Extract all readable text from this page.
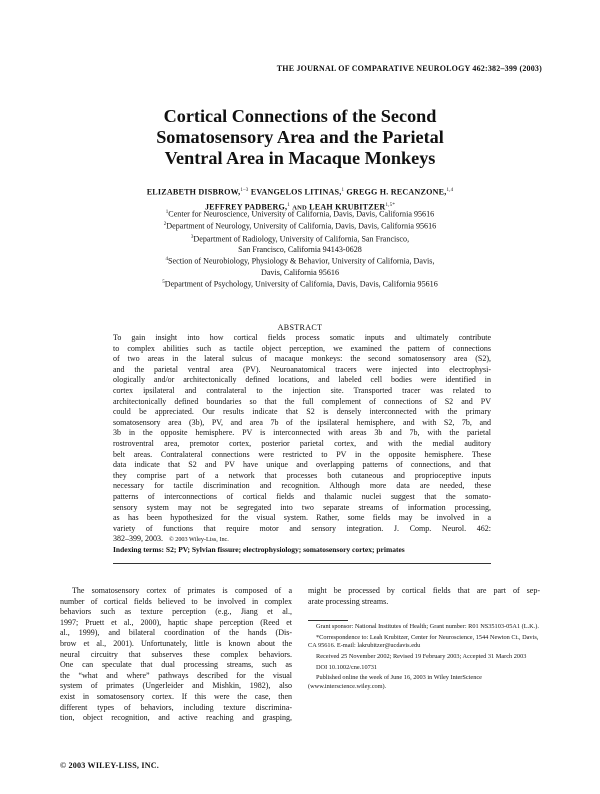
THE JOURNAL OF COMPARATIVE NEUROLOGY 462:382–399 (2003)
Cortical Connections of the Second
Somatosensory Area and the Parietal
Ventral Area in Macaque Monkeys
ELIZABETH DISBROW,$^{1-3}$ EVANGELOS LITINAS,$^1$ GREGG H. RECANZONE,$^{1,4}$
JEFFREY PADBERG,$^1$ AND LEAH $KRUBITZER^{1,5*}$
$^1$Center for Neuroscience, University of California, Davis, Davis, California 95616
$^2$Department of Neurology, University of California, Davis, Davis, California 95616
$^3$Department of Radiology, University of California, San Francisco,
San Francisco, California 94143-0628
$^4$Section of Neurobiology, Physiology & Behavior, University of California, Davis,
Davis, California 95616
$^5$Department of Psychology, University of California, Davis, Davis, California 95616
ABSTRACT
To gain insight into how cortical fields process somatic inputs and ultimately contribute
to complex abilities such as tactile object perception, we examined the pattern of connections
of two areas in the lateral sulcus of macaque monkeys: the second somatosensory area (S2),
and the parietal ventral area (PV). Neuroanatomical tracers were injected into electrophysi-
ologically and/or architectonically defined locations, and labeled cell bodies were identified in
cortex ipsilateral and contralateral to the injection site. Transported tracer was related to
architectonically defined boundaries so that the full complement of connections of S2 and PV
could be appreciated. Our results indicate that S2 is densely interconnected with the primary
somatosensory area (3b), PV, and area 7b of the ipsilateral hemisphere, and with S2, 7b, and
3b in the opposite hemisphere. PV is interconnected with areas 3b and 7b, with the parietal
rostroventral area, premotor cortex, posterior parietal cortex, and with the medial auditory
belt areas. Contralateral connections were restricted to PV in the opposite hemisphere. These
data indicate that S2 and PV have unique and overlapping patterns of connections, and that
they comprise part of a network that processes both cutaneous and proprioceptive inputs
necessary for tactile discrimination and recognition. Although more data are needed, these
patterns of interconnections of cortical fields and thalamic nuclei suggest that the somato-
sensory system may not be segregated into two separate streams of information processing,
as has been hypothesized for the visual system. Rather, some fields may be involved in a
variety of functions that require motor and sensory integration. J. Comp. Neurol. 462:
382–399, 2003. © 2003 Wiley-Liss, Inc.
Indexing terms: S2; PV; Sylvian fissure; electrophysiology; somatosensory cortex; primates
The somatosensory cortex of primates is composed of a
number of cortical fields believed to be involved in complex
behaviors such as texture perception (e.g., Jiang et al.,
1997; Pruett et al., 2000), haptic shape perception (Reed et
al., 1999), and bilateral coordination of the hands (Dis-
brow et al., 2001). Unfortunately, little is known about the
neural circuitry that subserves these complex behaviors.
One can speculate that dual processing streams, such as
the “what and where” pathways described for the visual
system of primates (Ungerleider and Mishkin, 1982), also
exist in somatosensory cortex. If this were the case, then
different types of behaviors, including texture discrimina-
tion, object recognition, and active reaching and grasping,
might be processed by cortical fields that are part of sep-
arate processing streams.
Grant sponsor: National Institutes of Health; Grant number: R01 NS35103-05A1 (L.K.).
*Correspondence to: Leah Krubitzer, Center for Neuroscience, 1544 Newton Ct., Davis, CA 95616. E-mail: lakrubitzer@ucdavis.edu
Received 25 November 2002; Revised 19 February 2003; Accepted 31 March 2003
DOI 10.1002/cne.10731
Published online the week of June 16, 2003 in Wiley InterScience (www.interscience.wiley.com).
© 2003 WILEY-LISS, INC.
